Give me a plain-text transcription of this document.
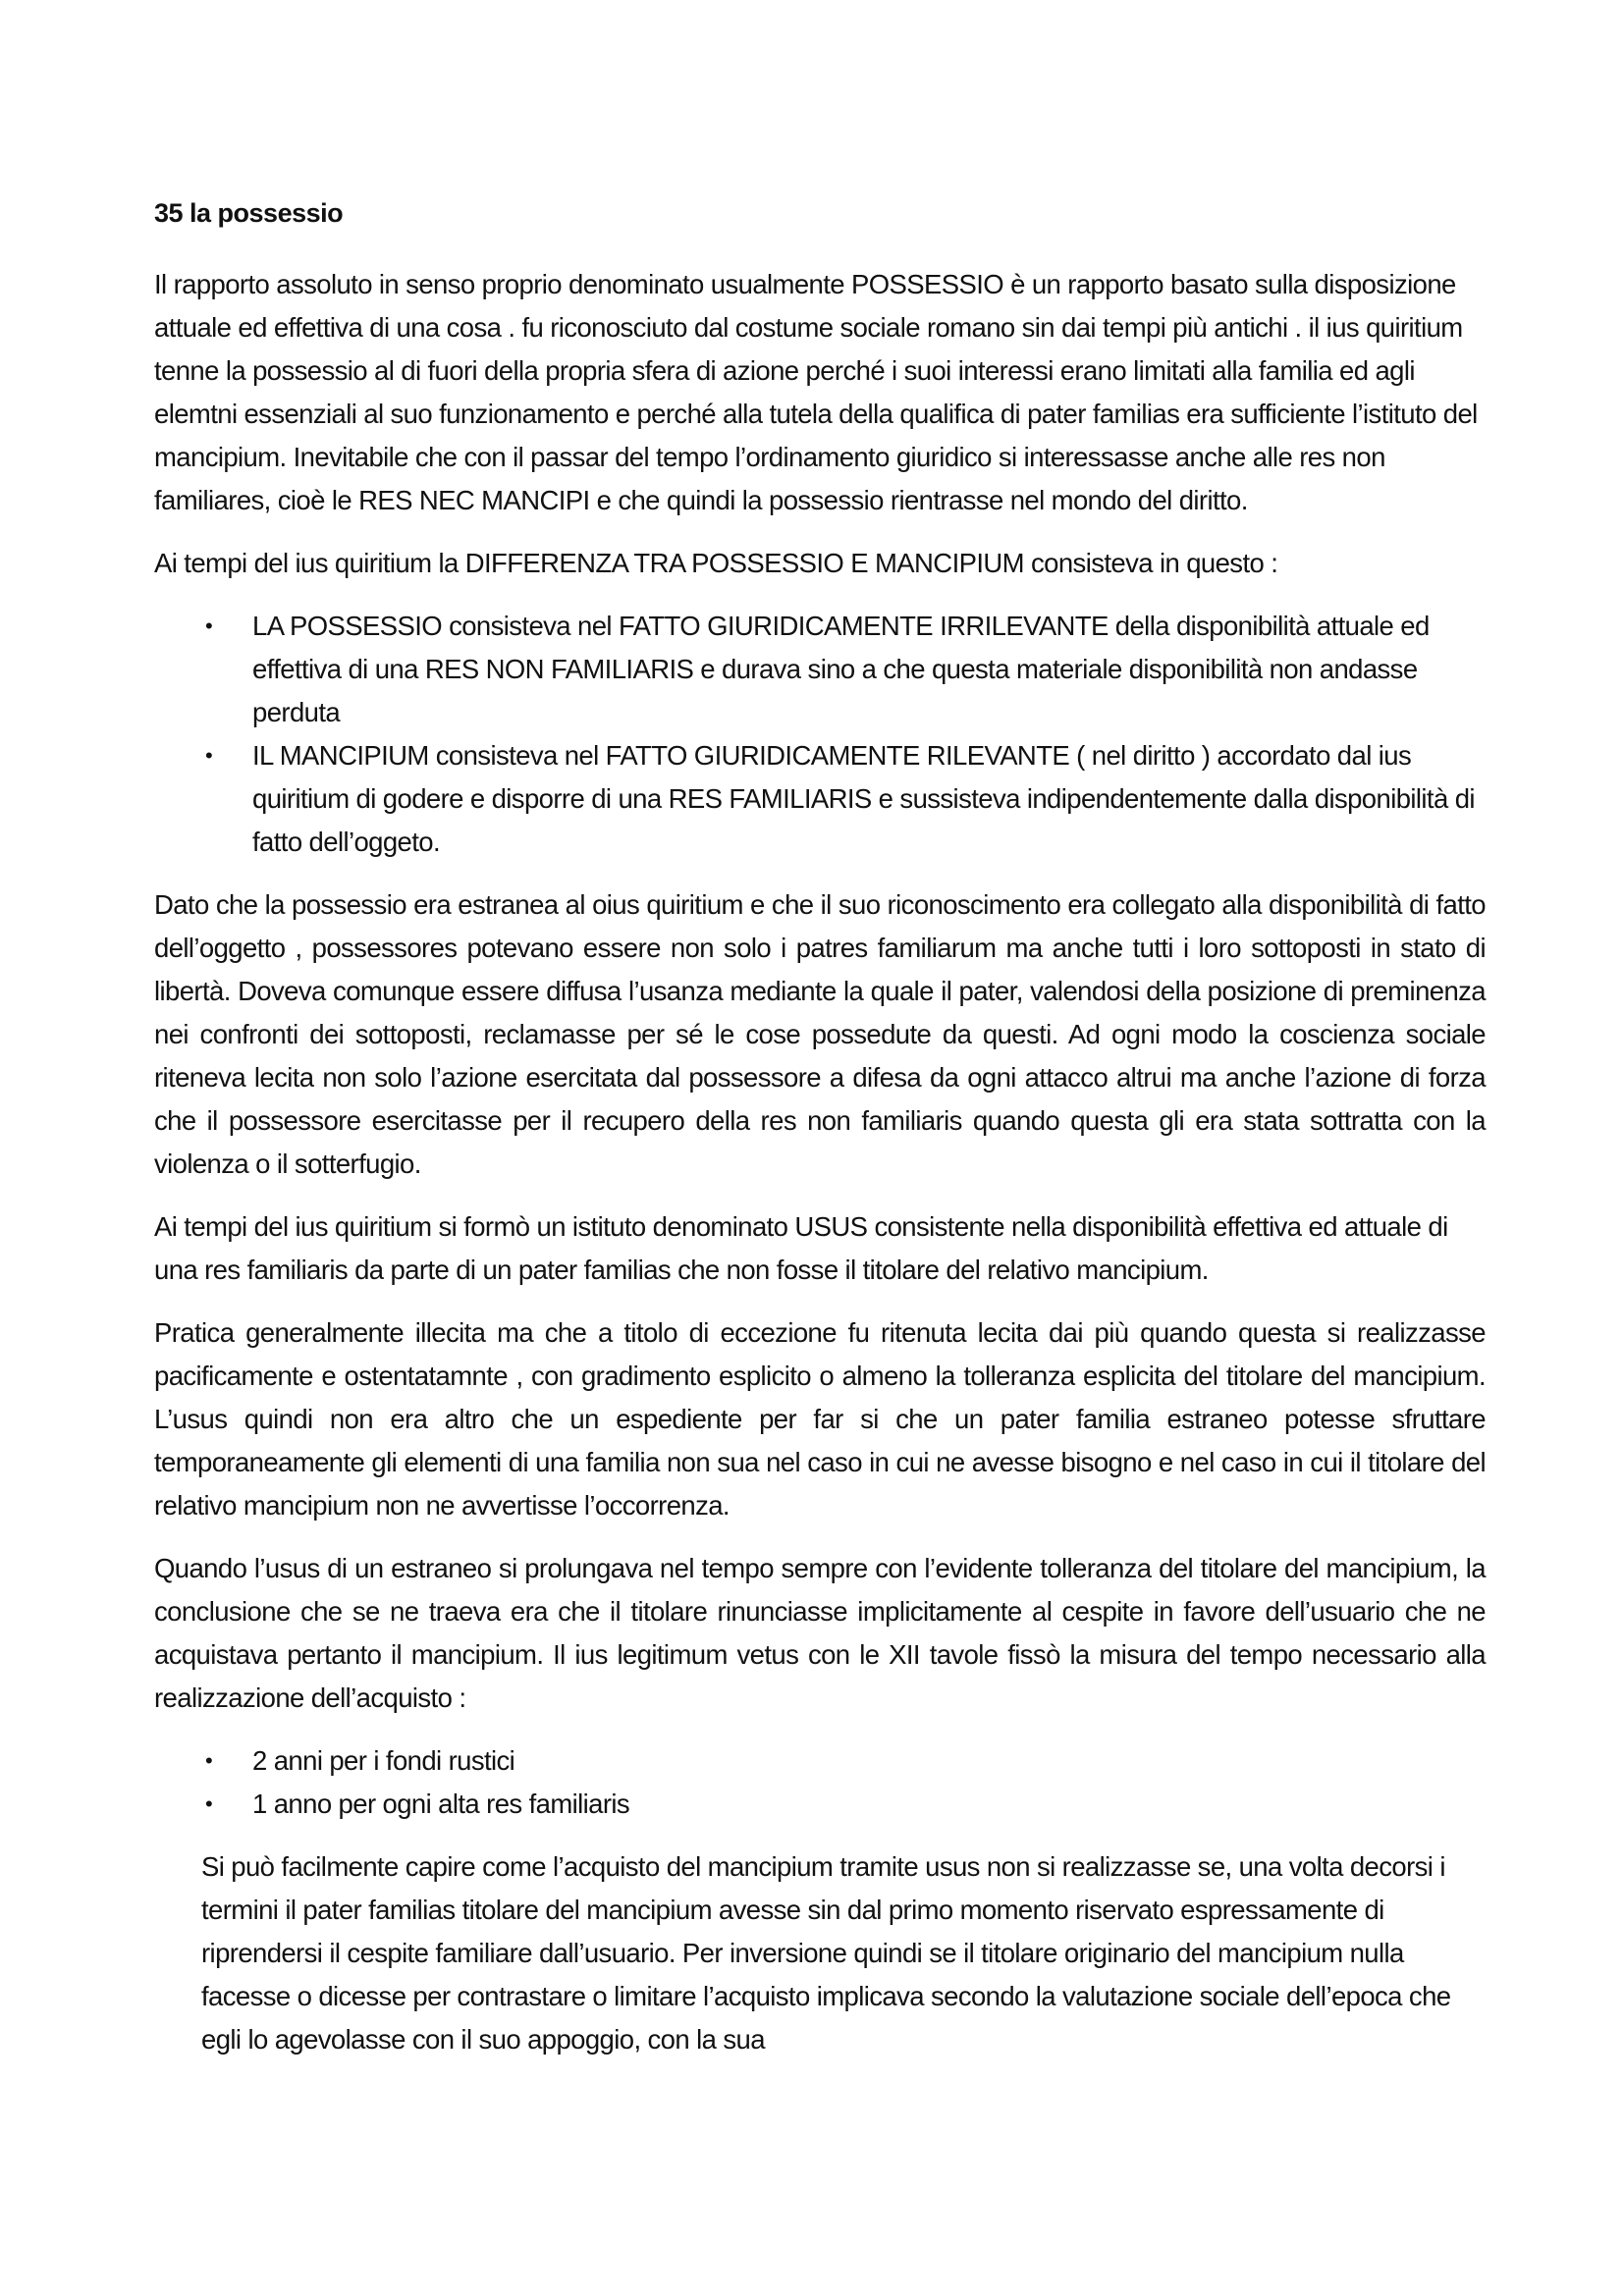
35 la possessio

Il rapporto assoluto in senso proprio denominato usualmente POSSESSIO è un rapporto basato sulla disposizione attuale ed effettiva di una cosa . fu riconosciuto dal costume sociale romano sin dai tempi più antichi . il ius quiritium tenne la possessio al di fuori della propria sfera di azione perché i suoi interessi erano limitati alla familia ed agli elemtni essenziali al suo funzionamento e perché alla tutela della qualifica di pater familias era sufficiente l’istituto del mancipium. Inevitabile che con il passar del tempo l’ordinamento giuridico si interessasse anche alle res non familiares, cioè le RES NEC MANCIPI e che quindi la possessio rientrasse nel mondo del diritto.

Ai tempi del ius quiritium la DIFFERENZA TRA POSSESSIO E MANCIPIUM consisteva in questo :

• LA POSSESSIO consisteva nel FATTO GIURIDICAMENTE IRRILEVANTE della disponibilità attuale ed effettiva di una RES NON FAMILIARIS e durava sino a che questa materiale disponibilità non andasse perduta
• IL MANCIPIUM consisteva nel FATTO GIURIDICAMENTE RILEVANTE ( nel diritto ) accordato dal ius quiritium di godere e disporre di una RES FAMILIARIS e sussisteva indipendentemente dalla disponibilità di fatto dell’oggeto.

Dato che la possessio era estranea al oius quiritium e che il suo riconoscimento era collegato alla disponibilità di fatto dell’oggetto , possessores potevano essere non solo i patres familiarum ma anche tutti i loro sottoposti in stato di libertà. Doveva comunque essere diffusa l’usanza mediante la quale il pater, valendosi della posizione di preminenza nei confronti dei sottoposti, reclamasse per sé le cose possedute da questi. Ad ogni modo la coscienza sociale riteneva lecita non solo l’azione esercitata dal possessore a difesa da ogni attacco altrui ma anche l’azione di forza che il possessore esercitasse per il recupero della res non familiaris quando questa gli era stata sottratta con la violenza o il sotterfugio.

Ai tempi del ius quiritium si formò un istituto denominato USUS consistente nella disponibilità effettiva ed attuale di una res familiaris da parte di un pater familias che non fosse il titolare del relativo mancipium.

Pratica generalmente illecita ma che a titolo di eccezione fu ritenuta lecita dai più quando questa si realizzasse pacificamente e ostentatamnte , con gradimento esplicito o almeno la tolleranza esplicita del titolare del mancipium. L’usus quindi non era altro che un espediente per far si che un pater familia estraneo potesse sfruttare temporaneamente gli elementi di una familia non sua nel caso in cui ne avesse bisogno e nel caso in cui il titolare del relativo mancipium non ne avvertisse l’occorrenza.

Quando l’usus di un estraneo si prolungava nel tempo sempre con l’evidente tolleranza del titolare del mancipium, la conclusione che se ne traeva era che il titolare rinunciasse implicitamente al cespite in favore dell’usuario che ne acquistava pertanto il mancipium. Il ius legitimum vetus con le XII tavole fissò la misura del tempo necessario alla realizzazione dell’acquisto :

• 2 anni per i fondi rustici
• 1 anno per ogni alta res familiaris

Si può facilmente capire come l’acquisto del mancipium tramite usus non si realizzasse se, una volta decorsi i termini il pater familias titolare del mancipium avesse sin dal primo momento riservato espressamente di riprendersi il cespite familiare dall’usuario. Per inversione quindi se il titolare originario del mancipium nulla facesse o dicesse per contrastare o limitare l’acquisto implicava secondo la valutazione sociale dell’epoca che egli lo agevolasse con il suo appoggio, con la sua
